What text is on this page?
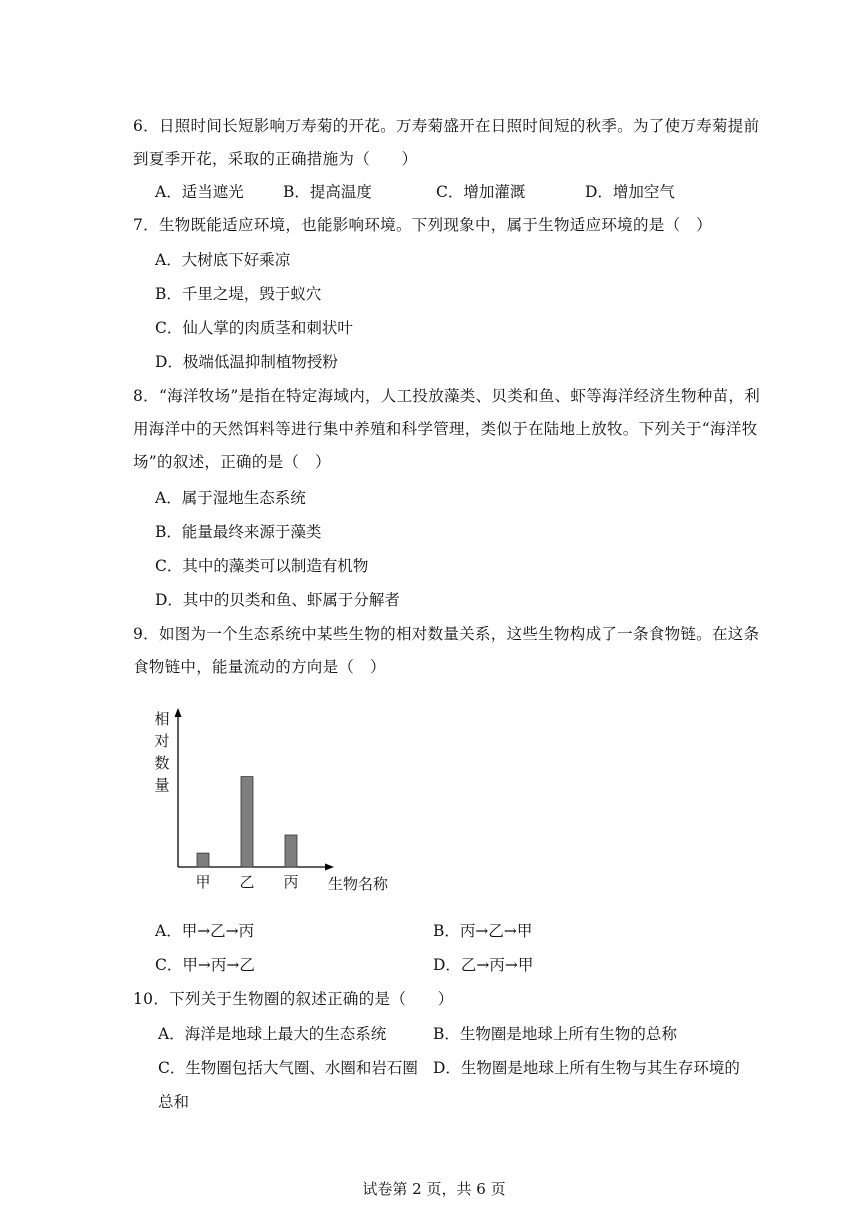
6．日照时间长短影响万寿菊的开花。万寿菊盛开在日照时间短的秋季。为了使万寿菊提前
到夏季开花，采取的正确措施为（　　）
A．适当遮光	B．提高温度	C．增加灌溉	D．增加空气
7．生物既能适应环境，也能影响环境。下列现象中，属于生物适应环境的是（　）
A．大树底下好乘凉
B．千里之堤，毁于蚁穴
C．仙人掌的肉质茎和刺状叶
D．极端低温抑制植物授粉
8．“海洋牧场”是指在特定海域内，人工投放藻类、贝类和鱼、虾等海洋经济生物种苗，利
用海洋中的天然饵料等进行集中养殖和科学管理，类似于在陆地上放牧。下列关于“海洋牧
场”的叙述，正确的是（　）
A．属于湿地生态系统
B．能量最终来源于藻类
C．其中的藻类可以制造有机物
D．其中的贝类和鱼、虾属于分解者
9．如图为一个生态系统中某些生物的相对数量关系，这些生物构成了一条食物链。在这条
食物链中，能量流动的方向是（　）
相
对
数
量
甲 乙 丙 生物名称
A．甲→乙→丙	B．丙→乙→甲
C．甲→丙→乙	D．乙→丙→甲
10．下列关于生物圈的叙述正确的是（　　）
A．海洋是地球上最大的生态系统	B．生物圈是地球上所有生物的总称
C．生物圈包括大气圈、水圈和岩石圈 D．生物圈是地球上所有生物与其生存环境的
总和
试卷第 2 页，共 6 页
